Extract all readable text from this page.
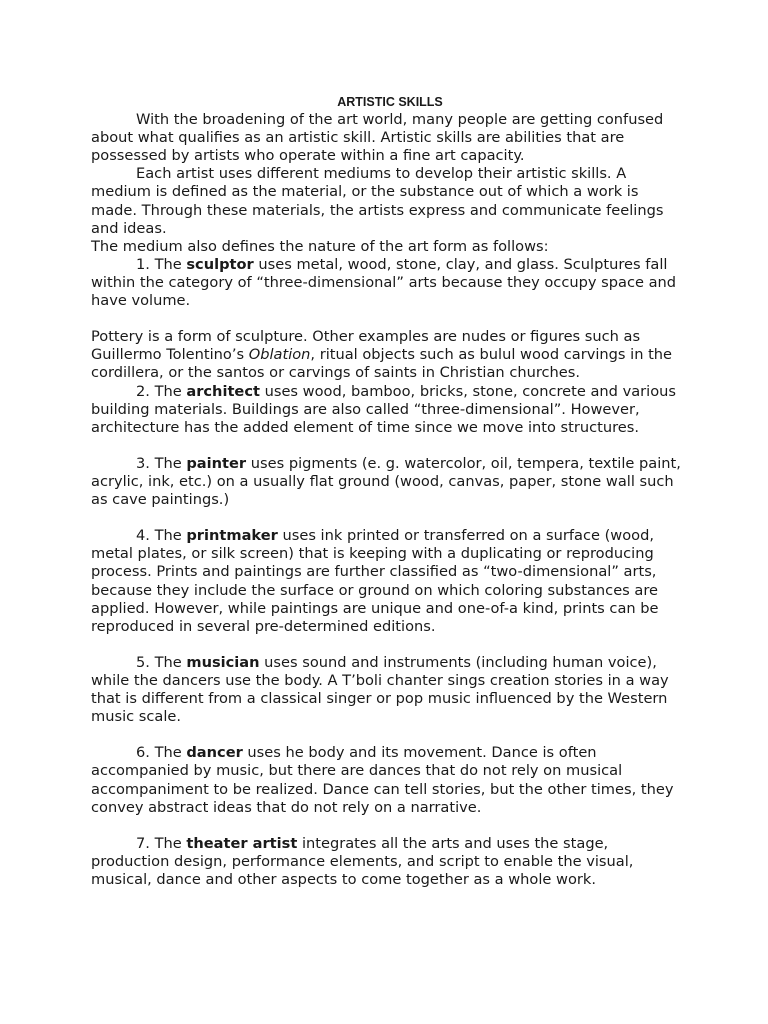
ARTISTIC SKILLS

With the broadening of the art world, many people are getting confused about what qualifies as an artistic skill. Artistic skills are abilities that are possessed by artists who operate within a fine art capacity.

Each artist uses different mediums to develop their artistic skills. A medium is defined as the material, or the substance out of which a work is made. Through these materials, the artists express and communicate feelings and ideas.

The medium also defines the nature of the art form as follows:

1. The sculptor uses metal, wood, stone, clay, and glass. Sculptures fall within the category of “three-dimensional” arts because they occupy space and have volume.

Pottery is a form of sculpture. Other examples are nudes or figures such as Guillermo Tolentino’s Oblation, ritual objects such as bulul wood carvings in the cordillera, or the santos or carvings of saints in Christian churches.

2. The architect uses wood, bamboo, bricks, stone, concrete and various building materials. Buildings are also called “three-dimensional”. However, architecture has the added element of time since we move into structures.

3. The painter uses pigments (e. g. watercolor, oil, tempera, textile paint, acrylic, ink, etc.) on a usually flat ground (wood, canvas, paper, stone wall such as cave paintings.)

4. The printmaker uses ink printed or transferred on a surface (wood, metal plates, or silk screen) that is keeping with a duplicating or reproducing process. Prints and paintings are further classified as “two-dimensional” arts, because they include the surface or ground on which coloring substances are applied. However, while paintings are unique and one-of-a kind, prints can be reproduced in several pre-determined editions.

5. The musician uses sound and instruments (including human voice), while the dancers use the body. A T’boli chanter sings creation stories in a way that is different from a classical singer or pop music influenced by the Western music scale.

6. The dancer uses he body and its movement. Dance is often accompanied by music, but there are dances that do not rely on musical accompaniment to be realized. Dance can tell stories, but the other times, they convey abstract ideas that do not rely on a narrative.

7. The theater artist integrates all the arts and uses the stage, production design, performance elements, and script to enable the visual, musical, dance and other aspects to come together as a whole work.
